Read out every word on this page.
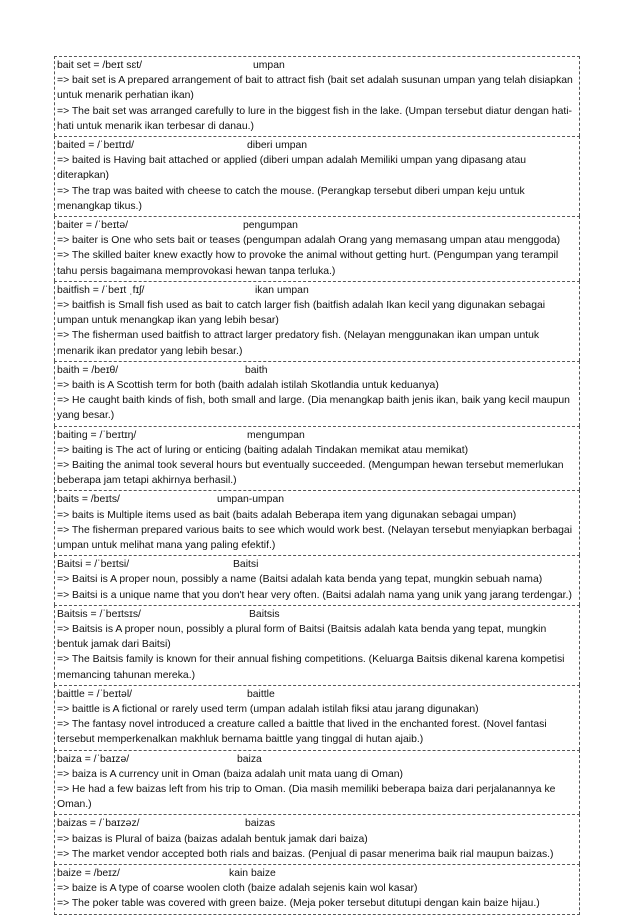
bait set = /beɪt sɛt/	umpan
=> bait set is A prepared arrangement of bait to attract fish (bait set adalah susunan umpan yang telah disiapkan untuk menarik perhatian ikan)
=> The bait set was arranged carefully to lure in the biggest fish in the lake. (Umpan tersebut diatur dengan hati-hati untuk menarik ikan terbesar di danau.)
baited = /ˈbeɪtɪd/	diberi umpan
=> baited is Having bait attached or applied (diberi umpan adalah Memiliki umpan yang dipasang atau diterapkan)
=> The trap was baited with cheese to catch the mouse. (Perangkap tersebut diberi umpan keju untuk menangkap tikus.)
baiter = /ˈbeɪtə/	pengumpan
=> baiter is One who sets bait or teases (pengumpan adalah Orang yang memasang umpan atau menggoda)
=> The skilled baiter knew exactly how to provoke the animal without getting hurt. (Pengumpan yang terampil tahu persis bagaimana memprovokasi hewan tanpa terluka.)
baitfish = /ˈbeɪt ˌfɪʃ/	ikan umpan
=> baitfish is Small fish used as bait to catch larger fish (baitfish adalah Ikan kecil yang digunakan sebagai umpan untuk menangkap ikan yang lebih besar)
=> The fisherman used baitfish to attract larger predatory fish. (Nelayan menggunakan ikan umpan untuk menarik ikan predator yang lebih besar.)
baith = /beɪθ/	baith
=> baith is A Scottish term for both (baith adalah istilah Skotlandia untuk keduanya)
=> He caught baith kinds of fish, both small and large. (Dia menangkap baith jenis ikan, baik yang kecil maupun yang besar.)
baiting = /ˈbeɪtɪŋ/	mengumpan
=> baiting is The act of luring or enticing (baiting adalah Tindakan memikat atau memikat)
=> Baiting the animal took several hours but eventually succeeded. (Mengumpan hewan tersebut memerlukan beberapa jam tetapi akhirnya berhasil.)
baits = /beɪts/	umpan-umpan
=> baits is Multiple items used as bait (baits adalah Beberapa item yang digunakan sebagai umpan)
=> The fisherman prepared various baits to see which would work best. (Nelayan tersebut menyiapkan berbagai umpan untuk melihat mana yang paling efektif.)
Baitsi = /ˈbeɪtsi/	Baitsi
=> Baitsi is A proper noun, possibly a name (Baitsi adalah kata benda yang tepat, mungkin sebuah nama)
=> Baitsi is a unique name that you don't hear very often. (Baitsi adalah nama yang unik yang jarang terdengar.)
Baitsis = /ˈbeɪtsɪs/	Baitsis
=> Baitsis is A proper noun, possibly a plural form of Baitsi (Baitsis adalah kata benda yang tepat, mungkin bentuk jamak dari Baitsi)
=> The Baitsis family is known for their annual fishing competitions. (Keluarga Baitsis dikenal karena kompetisi memancing tahunan mereka.)
baittle = /ˈbeɪtəl/	baittle
=> baittle is A fictional or rarely used term (umpan adalah istilah fiksi atau jarang digunakan)
=> The fantasy novel introduced a creature called a baittle that lived in the enchanted forest. (Novel fantasi tersebut memperkenalkan makhluk bernama baittle yang tinggal di hutan ajaib.)
baiza = /ˈbaɪzə/	baiza
=> baiza is A currency unit in Oman (baiza adalah unit mata uang di Oman)
=> He had a few baizas left from his trip to Oman. (Dia masih memiliki beberapa baiza dari perjalanannya ke Oman.)
baizas = /ˈbaɪzəz/	baizas
=> baizas is Plural of baiza (baizas adalah bentuk jamak dari baiza)
=> The market vendor accepted both rials and baizas. (Penjual di pasar menerima baik rial maupun baizas.)
baize = /beɪz/	kain baize
=> baize is A type of coarse woolen cloth (baize adalah sejenis kain wol kasar)
=> The poker table was covered with green baize. (Meja poker tersebut ditutupi dengan kain baize hijau.)
